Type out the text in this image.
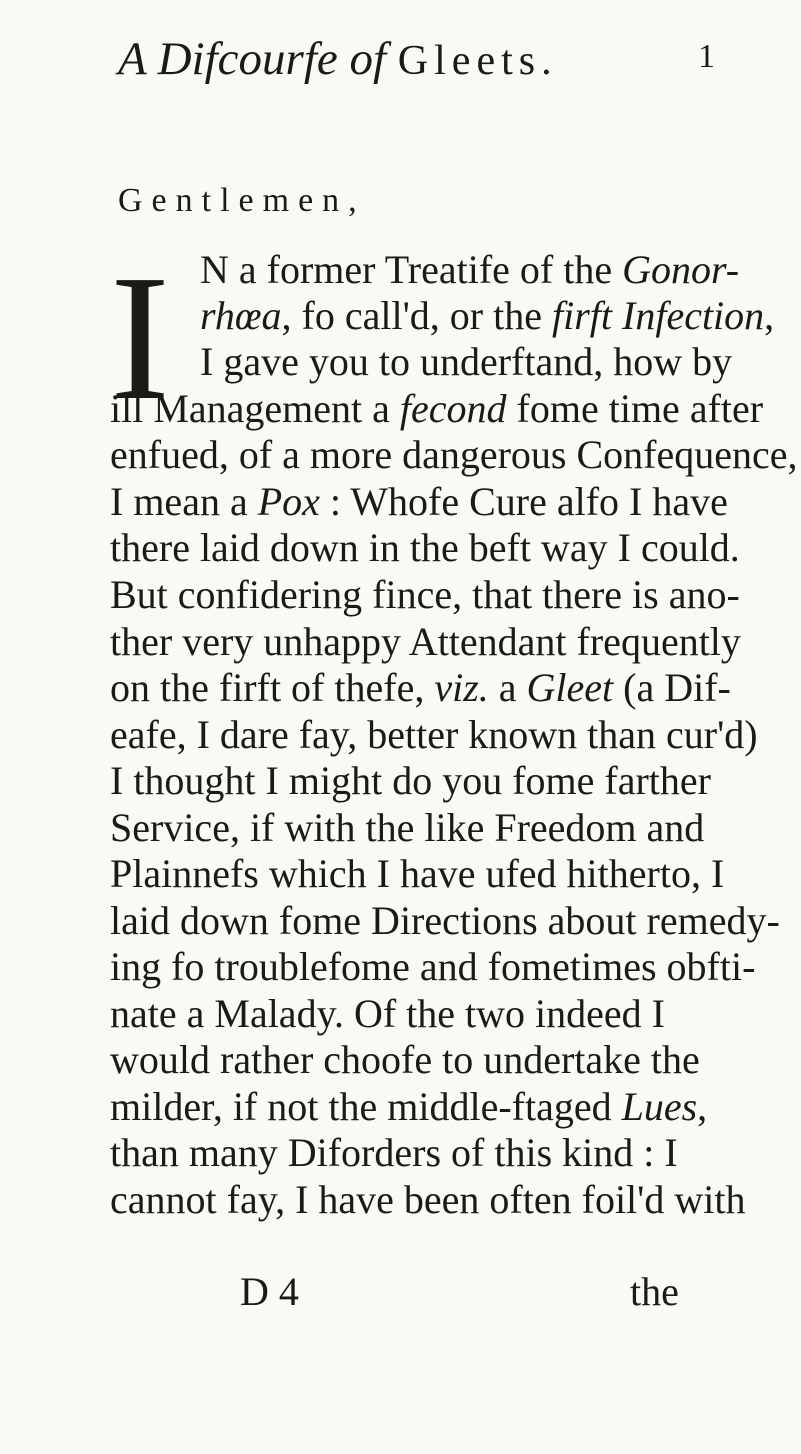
A Difcourfe of Gleets.	1
Gentlemen,
I N a former Treatife of the Gonor-
rhœa, fo call'd, or the firft Infection,
I gave you to underftand, how by
ill Management a fecond fome time after
enfued, of a more dangerous Confequence,
I mean a Pox : Whofe Cure alfo I have
there laid down in the beft way I could.
But confidering fince, that there is ano-
ther very unhappy Attendant frequently
on the firft of thefe, viz. a Gleet (a Dif-
eafe, I dare fay, better known than cur'd)
I thought I might do you fome farther
Service, if with the like Freedom and
Plainnefs which I have ufed hitherto, I
laid down fome Directions about remedy-
ing fo troublefome and fometimes obfti-
nate a Malady. Of the two indeed I
would rather choofe to undertake the
milder, if not the middle-ftaged Lues,
than many Diforders of this kind : I
cannot fay, I have been often foil'd with
D 4	the
